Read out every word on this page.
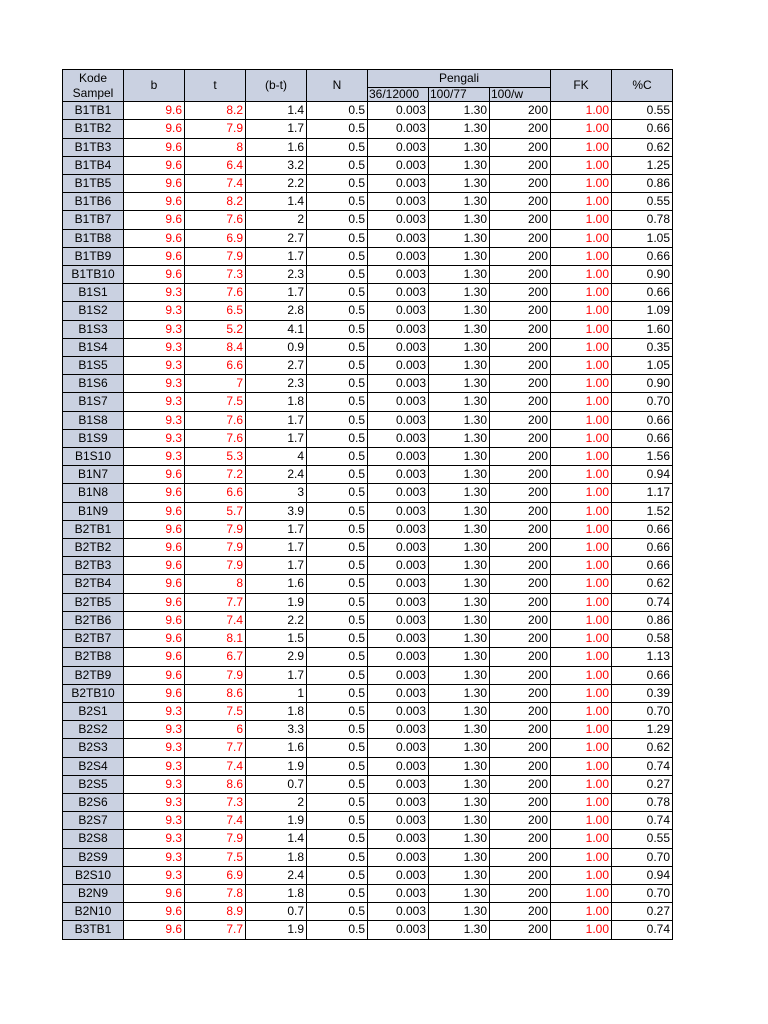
Kode
Sampel	b	t	(b-t)	N	Pengali			FK	%C
					36/12000	100/77	100/w		
B1TB1	9.6	8.2	1.4	0.5	0.003	1.30	200	1.00	0.55
B1TB2	9.6	7.9	1.7	0.5	0.003	1.30	200	1.00	0.66
B1TB3	9.6	8	1.6	0.5	0.003	1.30	200	1.00	0.62
B1TB4	9.6	6.4	3.2	0.5	0.003	1.30	200	1.00	1.25
B1TB5	9.6	7.4	2.2	0.5	0.003	1.30	200	1.00	0.86
B1TB6	9.6	8.2	1.4	0.5	0.003	1.30	200	1.00	0.55
B1TB7	9.6	7.6	2	0.5	0.003	1.30	200	1.00	0.78
B1TB8	9.6	6.9	2.7	0.5	0.003	1.30	200	1.00	1.05
B1TB9	9.6	7.9	1.7	0.5	0.003	1.30	200	1.00	0.66
B1TB10	9.6	7.3	2.3	0.5	0.003	1.30	200	1.00	0.90
B1S1	9.3	7.6	1.7	0.5	0.003	1.30	200	1.00	0.66
B1S2	9.3	6.5	2.8	0.5	0.003	1.30	200	1.00	1.09
B1S3	9.3	5.2	4.1	0.5	0.003	1.30	200	1.00	1.60
B1S4	9.3	8.4	0.9	0.5	0.003	1.30	200	1.00	0.35
B1S5	9.3	6.6	2.7	0.5	0.003	1.30	200	1.00	1.05
B1S6	9.3	7	2.3	0.5	0.003	1.30	200	1.00	0.90
B1S7	9.3	7.5	1.8	0.5	0.003	1.30	200	1.00	0.70
B1S8	9.3	7.6	1.7	0.5	0.003	1.30	200	1.00	0.66
B1S9	9.3	7.6	1.7	0.5	0.003	1.30	200	1.00	0.66
B1S10	9.3	5.3	4	0.5	0.003	1.30	200	1.00	1.56
B1N7	9.6	7.2	2.4	0.5	0.003	1.30	200	1.00	0.94
B1N8	9.6	6.6	3	0.5	0.003	1.30	200	1.00	1.17
B1N9	9.6	5.7	3.9	0.5	0.003	1.30	200	1.00	1.52
B2TB1	9.6	7.9	1.7	0.5	0.003	1.30	200	1.00	0.66
B2TB2	9.6	7.9	1.7	0.5	0.003	1.30	200	1.00	0.66
B2TB3	9.6	7.9	1.7	0.5	0.003	1.30	200	1.00	0.66
B2TB4	9.6	8	1.6	0.5	0.003	1.30	200	1.00	0.62
B2TB5	9.6	7.7	1.9	0.5	0.003	1.30	200	1.00	0.74
B2TB6	9.6	7.4	2.2	0.5	0.003	1.30	200	1.00	0.86
B2TB7	9.6	8.1	1.5	0.5	0.003	1.30	200	1.00	0.58
B2TB8	9.6	6.7	2.9	0.5	0.003	1.30	200	1.00	1.13
B2TB9	9.6	7.9	1.7	0.5	0.003	1.30	200	1.00	0.66
B2TB10	9.6	8.6	1	0.5	0.003	1.30	200	1.00	0.39
B2S1	9.3	7.5	1.8	0.5	0.003	1.30	200	1.00	0.70
B2S2	9.3	6	3.3	0.5	0.003	1.30	200	1.00	1.29
B2S3	9.3	7.7	1.6	0.5	0.003	1.30	200	1.00	0.62
B2S4	9.3	7.4	1.9	0.5	0.003	1.30	200	1.00	0.74
B2S5	9.3	8.6	0.7	0.5	0.003	1.30	200	1.00	0.27
B2S6	9.3	7.3	2	0.5	0.003	1.30	200	1.00	0.78
B2S7	9.3	7.4	1.9	0.5	0.003	1.30	200	1.00	0.74
B2S8	9.3	7.9	1.4	0.5	0.003	1.30	200	1.00	0.55
B2S9	9.3	7.5	1.8	0.5	0.003	1.30	200	1.00	0.70
B2S10	9.3	6.9	2.4	0.5	0.003	1.30	200	1.00	0.94
B2N9	9.6	7.8	1.8	0.5	0.003	1.30	200	1.00	0.70
B2N10	9.6	8.9	0.7	0.5	0.003	1.30	200	1.00	0.27
B3TB1	9.6	7.7	1.9	0.5	0.003	1.30	200	1.00	0.74
